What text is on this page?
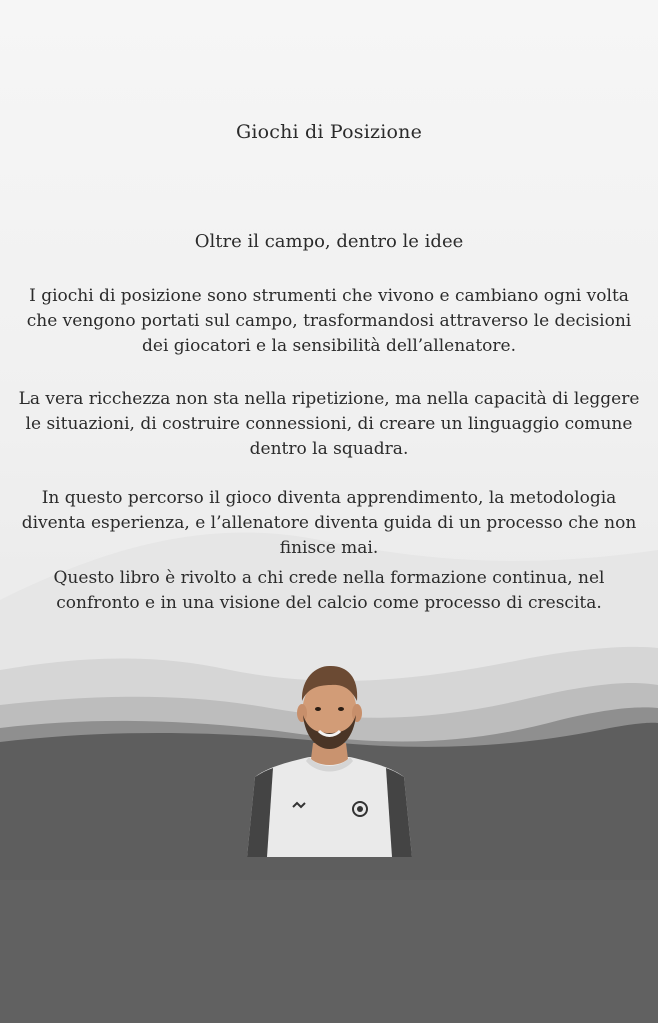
Giochi di Posizione
Oltre il campo, dentro le idee

I giochi di posizione sono strumenti che vivono e cambiano ogni volta che vengono portati sul campo, trasformandosi attraverso le decisioni dei giocatori e la sensibilità dell’allenatore.

La vera ricchezza non sta nella ripetizione, ma nella capacità di leggere le situazioni, di costruire connessioni, di creare un linguaggio comune dentro la squadra.

In questo percorso il gioco diventa apprendimento, la metodologia diventa esperienza, e l’allenatore diventa guida di un processo che non finisce mai.

Questo libro è rivolto a chi crede nella formazione continua, nel confronto e in una visione del calcio come processo di crescita.
